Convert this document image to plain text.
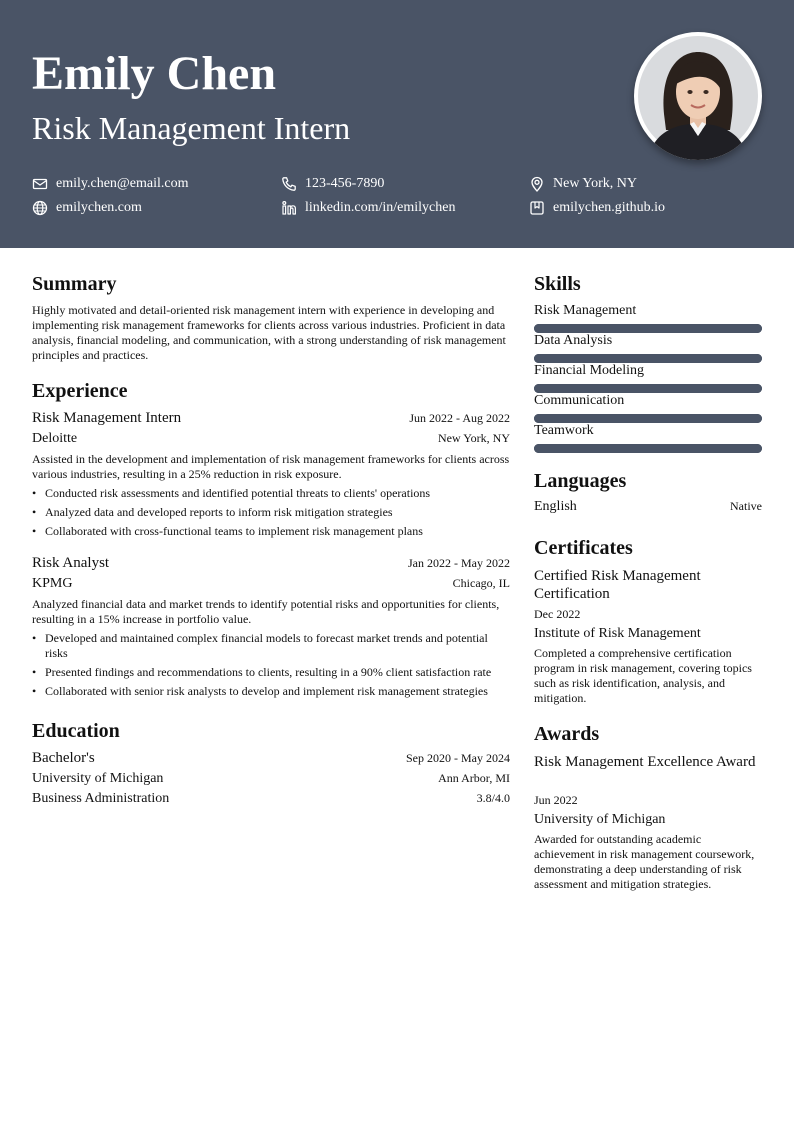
Emily Chen
Risk Management Intern
emily.chen@email.com	123-456-7890	New York, NY
emilychen.com	linkedin.com/in/emilychen	emilychen.github.io
Summary
Highly motivated and detail-oriented risk management intern with experience in developing and implementing risk management frameworks for clients across various industries. Proficient in data analysis, financial modeling, and communication, with a strong understanding of risk management principles and practices.
Experience
Risk Management Intern	Jun 2022 - Aug 2022
Deloitte	New York, NY
Assisted in the development and implementation of risk management frameworks for clients across various industries, resulting in a 25% reduction in risk exposure.
• Conducted risk assessments and identified potential threats to clients' operations
• Analyzed data and developed reports to inform risk mitigation strategies
• Collaborated with cross-functional teams to implement risk management plans
Risk Analyst	Jan 2022 - May 2022
KPMG	Chicago, IL
Analyzed financial data and market trends to identify potential risks and opportunities for clients, resulting in a 15% increase in portfolio value.
• Developed and maintained complex financial models to forecast market trends and potential risks
• Presented findings and recommendations to clients, resulting in a 90% client satisfaction rate
• Collaborated with senior risk analysts to develop and implement risk management strategies
Education
Bachelor's	Sep 2020 - May 2024
University of Michigan	Ann Arbor, MI
Business Administration	3.8/4.0
Skills
Risk Management
Data Analysis
Financial Modeling
Communication
Teamwork
Languages
English	Native
Certificates
Certified Risk Management Certification
Dec 2022
Institute of Risk Management
Completed a comprehensive certification program in risk management, covering topics such as risk identification, analysis, and mitigation.
Awards
Risk Management Excellence Award
Jun 2022
University of Michigan
Awarded for outstanding academic achievement in risk management coursework, demonstrating a deep understanding of risk assessment and mitigation strategies.
